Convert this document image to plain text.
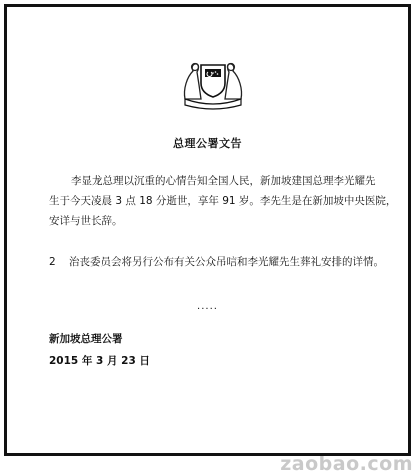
总理公署文告
李显龙总理以沉重的心情告知全国人民，新加坡建国总理李光耀先
生于今天凌晨 3 点 18 分逝世，享年 91 岁。李先生是在新加坡中央医院，
安详与世长辞。
2 治丧委员会将另行公布有关公众吊唁和李光耀先生葬礼安排的详情。
.....
新加坡总理公署
2015 年 3 月 23 日
zaobao.com
